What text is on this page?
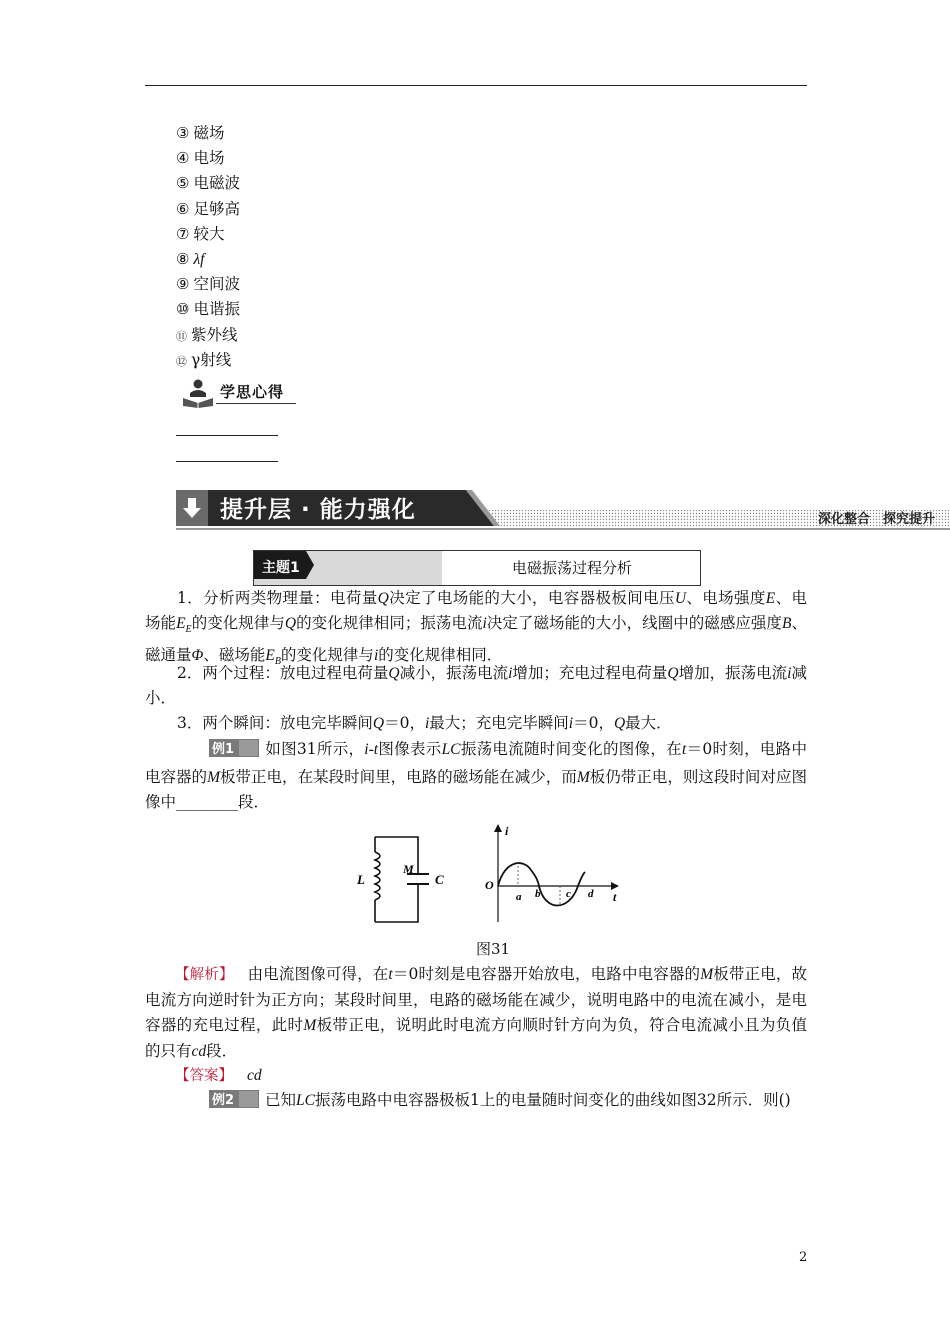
③ 磁场
④ 电场
⑤ 电磁波
⑥ 足够高
⑦ 较大
⑧ λf
⑨ 空间波
⑩ 电谐振
⑪ 紫外线
⑫ γ射线
学思心得
提升层 · 能力强化	深化整合　探究提升
主题1	电磁振荡过程分析

1．分析两类物理量：电荷量Q决定了电场能的大小，电容器极板间电压U、电场强度E、电场能$E_E$的变化规律与Q的变化规律相同；振荡电流i决定了磁场能的大小，线圈中的磁感应强度B、磁通量Φ、磁场能$E_B$的变化规律与i的变化规律相同．

2．两个过程：放电过程电荷量Q减小，振荡电流i增加；充电过程电荷量Q增加，振荡电流i减小．

3．两个瞬间：放电完毕瞬间Q＝0，i最大；充电完毕瞬间i＝0，Q最大．

例1 如图31所示，i-t图像表示LC振荡电流随时间变化的图像，在t＝0时刻，电路中电容器的M板带正电，在某段时间里，电路的磁场能在减少，而M板仍带正电，则这段时间对应图像中________段．

L
M
C
i
O
a b c d t
图31

【解析】 由电流图像可得，在t＝0时刻是电容器开始放电，电路中电容器的M板带正电，故电流方向逆时针为正方向；某段时间里，电路的磁场能在减少，说明电路中的电流在减小，是电容器的充电过程，此时M板带正电，说明此时电流方向顺时针方向为负，符合电流减小且为负值的只有cd段．

【答案】 cd

例2 已知LC振荡电路中电容器极板1上的电量随时间变化的曲线如图32所示．则()

2
